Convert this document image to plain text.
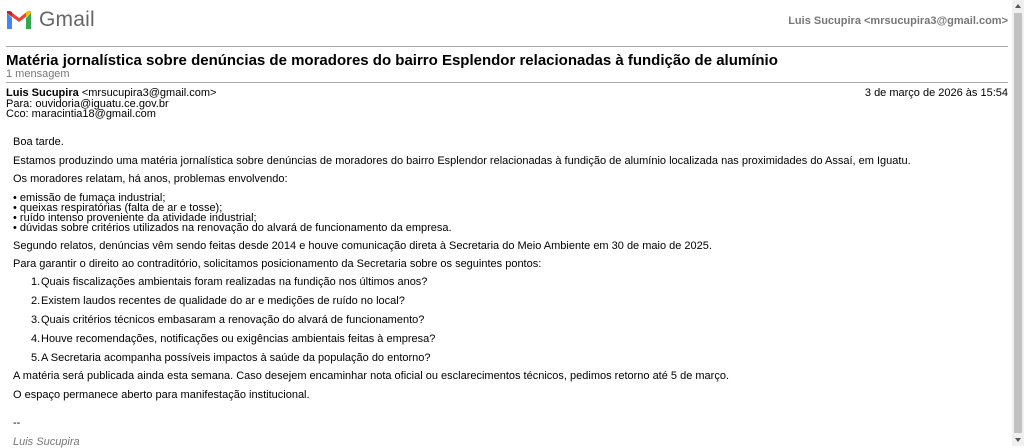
Gmail	Luis Sucupira <mrsucupira3@gmail.com>
Matéria jornalística sobre denúncias de moradores do bairro Esplendor relacionadas à fundição de alumínio
1 mensagem
Luis Sucupira <mrsucupira3@gmail.com>
Para: ouvidoria@iguatu.ce.gov.br
Cco: maracintia18@gmail.com
3 de março de 2026 às 15:54

Boa tarde.

Estamos produzindo uma matéria jornalística sobre denúncias de moradores do bairro Esplendor relacionadas à fundição de alumínio localizada nas proximidades do Assaí, em Iguatu.

Os moradores relatam, há anos, problemas envolvendo:

• emissão de fumaça industrial;
• queixas respiratórias (falta de ar e tosse);
• ruído intenso proveniente da atividade industrial;
• dúvidas sobre critérios utilizados na renovação do alvará de funcionamento da empresa.

Segundo relatos, denúncias vêm sendo feitas desde 2014 e houve comunicação direta à Secretaria do Meio Ambiente em 30 de maio de 2025.

Para garantir o direito ao contraditório, solicitamos posicionamento da Secretaria sobre os seguintes pontos:

1. Quais fiscalizações ambientais foram realizadas na fundição nos últimos anos?
2. Existem laudos recentes de qualidade do ar e medições de ruído no local?
3. Quais critérios técnicos embasaram a renovação do alvará de funcionamento?
4. Houve recomendações, notificações ou exigências ambientais feitas à empresa?
5. A Secretaria acompanha possíveis impactos à saúde da população do entorno?

A matéria será publicada ainda esta semana. Caso desejem encaminhar nota oficial ou esclarecimentos técnicos, pedimos retorno até 5 de março.

O espaço permanece aberto para manifestação institucional.

--

Luis Sucupira
